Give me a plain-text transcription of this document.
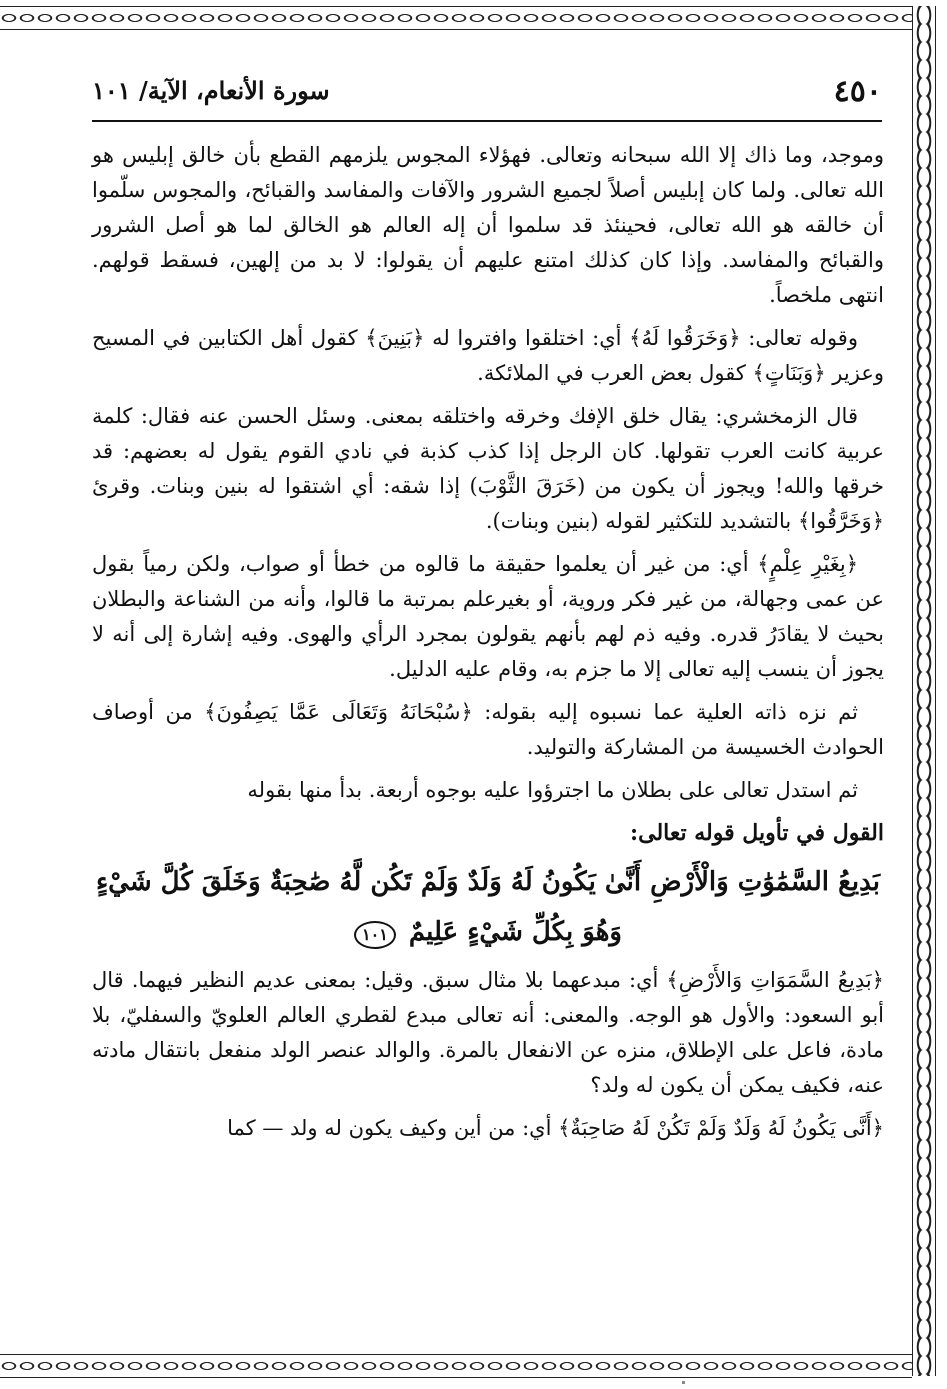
٤٥٠
سورة الأنعام، الآية/ ١٠١

وموجد، وما ذاك إلا الله سبحانه وتعالى. فهؤلاء المجوس يلزمهم القطع بأن خالق إبليس هو الله تعالى. ولما كان إبليس أصلاً لجميع الشرور والآفات والمفاسد والقبائح، والمجوس سلّموا أن خالقه هو الله تعالى، فحينئذ قد سلموا أن إله العالم هو الخالق لما هو أصل الشرور والقبائح والمفاسد. وإذا كان كذلك امتنع عليهم أن يقولوا: لا بد من إلهين، فسقط قولهم. انتهى ملخصاً.

وقوله تعالى: ﴿وَخَرَقُوا لَهُ﴾ أي: اختلقوا وافتروا له ﴿بَنِينَ﴾ كقول أهل الكتابين في المسيح وعزير ﴿وَبَنَاتٍ﴾ كقول بعض العرب في الملائكة.

قال الزمخشري: يقال خلق الإفك وخرقه واختلقه بمعنى. وسئل الحسن عنه فقال: كلمة عربية كانت العرب تقولها. كان الرجل إذا كذب كذبة في نادي القوم يقول له بعضهم: قد خرقها والله! ويجوز أن يكون من (خَرَقَ الثَّوْبَ) إذا شقه: أي اشتقوا له بنين وبنات. وقرئ ﴿وَخَرَّقُوا﴾ بالتشديد للتكثير لقوله (بنين وبنات).

﴿بِغَيْرِ عِلْمٍ﴾ أي: من غير أن يعلموا حقيقة ما قالوه من خطأ أو صواب، ولكن رمياً بقول عن عمى وجهالة، من غير فكر وروية، أو بغيرعلم بمرتبة ما قالوا، وأنه من الشناعة والبطلان بحيث لا يقادَرُ قدره. وفيه ذم لهم بأنهم يقولون بمجرد الرأي والهوى. وفيه إشارة إلى أنه لا يجوز أن ينسب إليه تعالى إلا ما جزم به، وقام عليه الدليل.

ثم نزه ذاته العلية عما نسبوه إليه بقوله: ﴿سُبْحَانَهُ وَتَعَالَى عَمَّا يَصِفُونَ﴾ من أوصاف الحوادث الخسيسة من المشاركة والتوليد.

ثم استدل تعالى على بطلان ما اجترؤوا عليه بوجوه أربعة. بدأ منها بقوله

القول في تأويل قوله تعالى:
بَدِيعُ السَّمَٰوَٰتِ وَالْأَرْضِ أَنَّىٰ يَكُونُ لَهُ وَلَدٌ وَلَمْ تَكُن لَّهُ صَٰحِبَةٌ وَخَلَقَ كُلَّ شَيْءٍ وَهُوَ بِكُلِّ شَيْءٍ عَلِيمٌ ١٠١

﴿بَدِيعُ السَّمَوَاتِ وَالأَرْضِ﴾ أي: مبدعهما بلا مثال سبق. وقيل: بمعنى عديم النظير فيهما. قال أبو السعود: والأول هو الوجه. والمعنى: أنه تعالى مبدع لقطري العالم العلويّ والسفليّ، بلا مادة، فاعل على الإطلاق، منزه عن الانفعال بالمرة. والوالد عنصر الولد منفعل بانتقال مادته عنه، فكيف يمكن أن يكون له ولد؟

﴿أَنَّى يَكُونُ لَهُ وَلَدٌ وَلَمْ تَكُنْ لَهُ صَاحِبَةٌ﴾ أي: من أين وكيف يكون له ولد — كما
